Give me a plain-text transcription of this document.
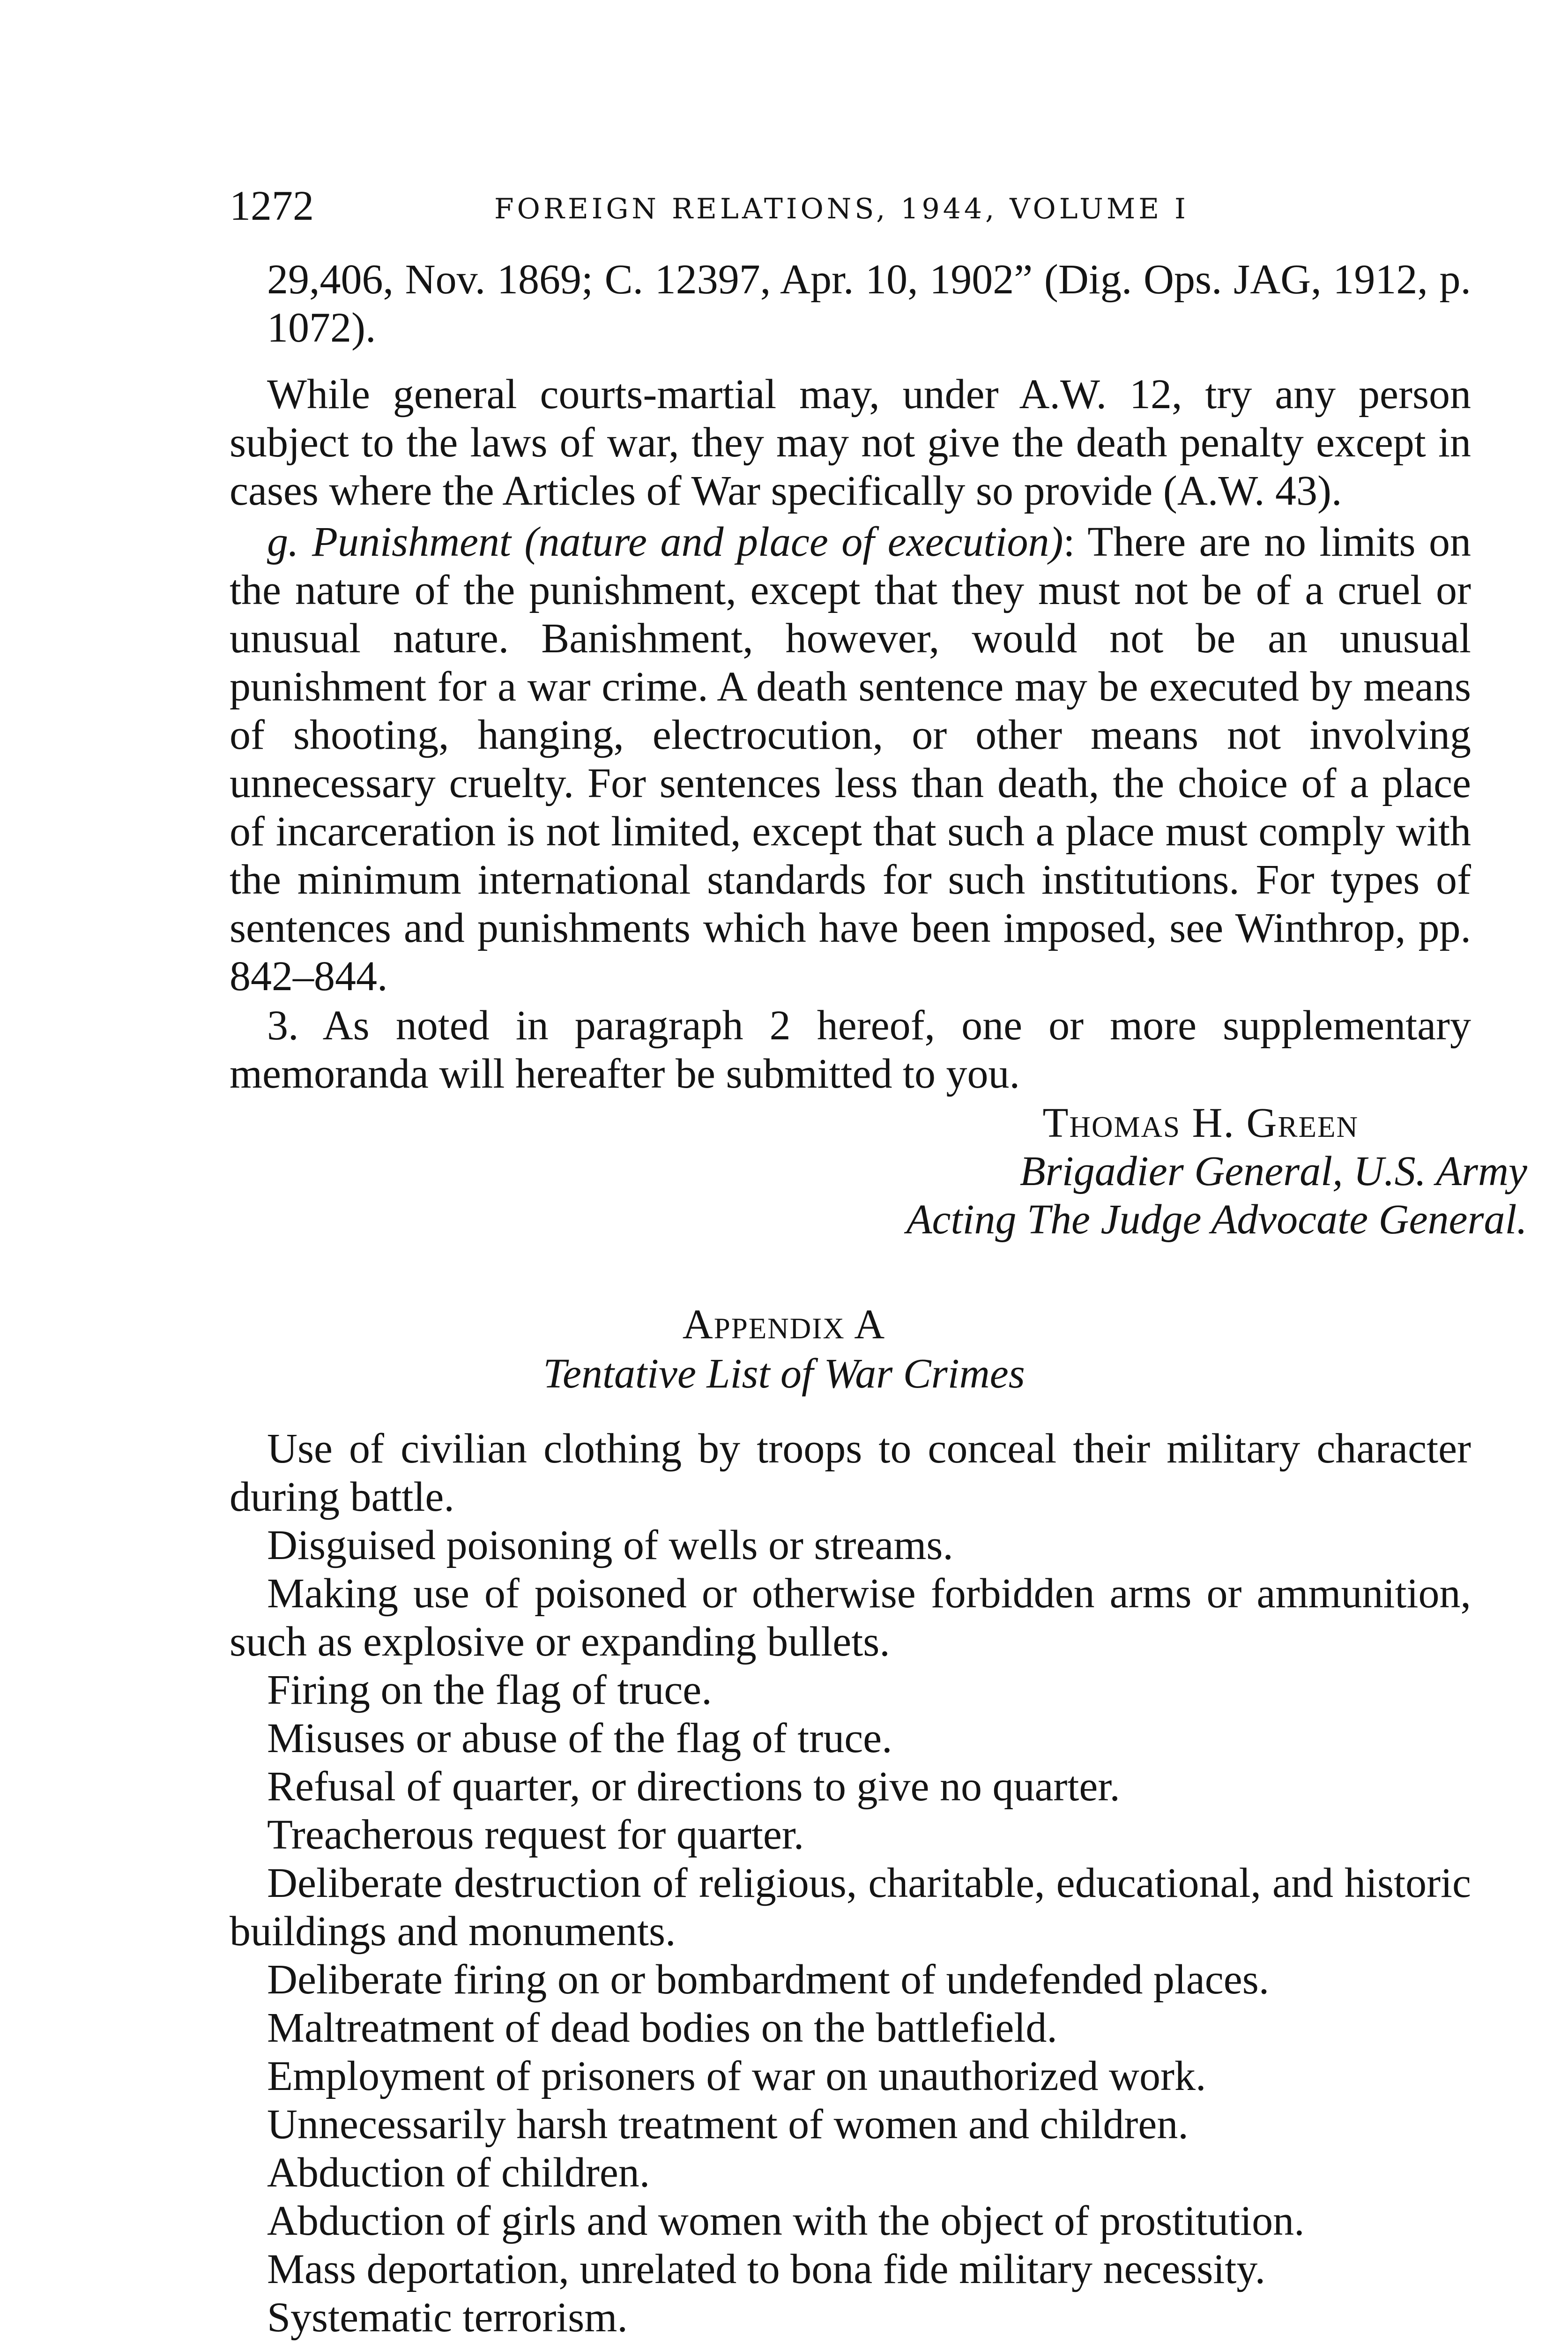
1272	FOREIGN RELATIONS, 1944, VOLUME I
29,406, Nov. 1869; C. 12397, Apr. 10, 1902” (Dig. Ops. JAG, 1912, p. 1072).
While general courts-martial may, under A.W. 12, try any person subject to the laws of war, they may not give the death penalty except in cases where the Articles of War specifically so provide (A.W. 43).
g. Punishment (nature and place of execution): There are no limits on the nature of the punishment, except that they must not be of a cruel or unusual nature. Banishment, however, would not be an unusual punishment for a war crime. A death sentence may be executed by means of shooting, hanging, electrocution, or other means not involving unnecessary cruelty. For sentences less than death, the choice of a place of incarceration is not limited, except that such a place must comply with the minimum international standards for such institutions. For types of sentences and punishments which have been imposed, see Winthrop, pp. 842–844.
3. As noted in paragraph 2 hereof, one or more supplementary memoranda will hereafter be submitted to you.
Thomas H. Green
Brigadier General, U.S. Army
Acting The Judge Advocate General.
Appendix A
Tentative List of War Crimes
Use of civilian clothing by troops to conceal their military character during battle.
Disguised poisoning of wells or streams.
Making use of poisoned or otherwise forbidden arms or ammunition, such as explosive or expanding bullets.
Firing on the flag of truce.
Misuses or abuse of the flag of truce.
Refusal of quarter, or directions to give no quarter.
Treacherous request for quarter.
Deliberate destruction of religious, charitable, educational, and historic buildings and monuments.
Deliberate firing on or bombardment of undefended places.
Maltreatment of dead bodies on the battlefield.
Employment of prisoners of war on unauthorized work.
Unnecessarily harsh treatment of women and children.
Abduction of children.
Abduction of girls and women with the object of prostitution.
Mass deportation, unrelated to bona fide military necessity.
Systematic terrorism.
